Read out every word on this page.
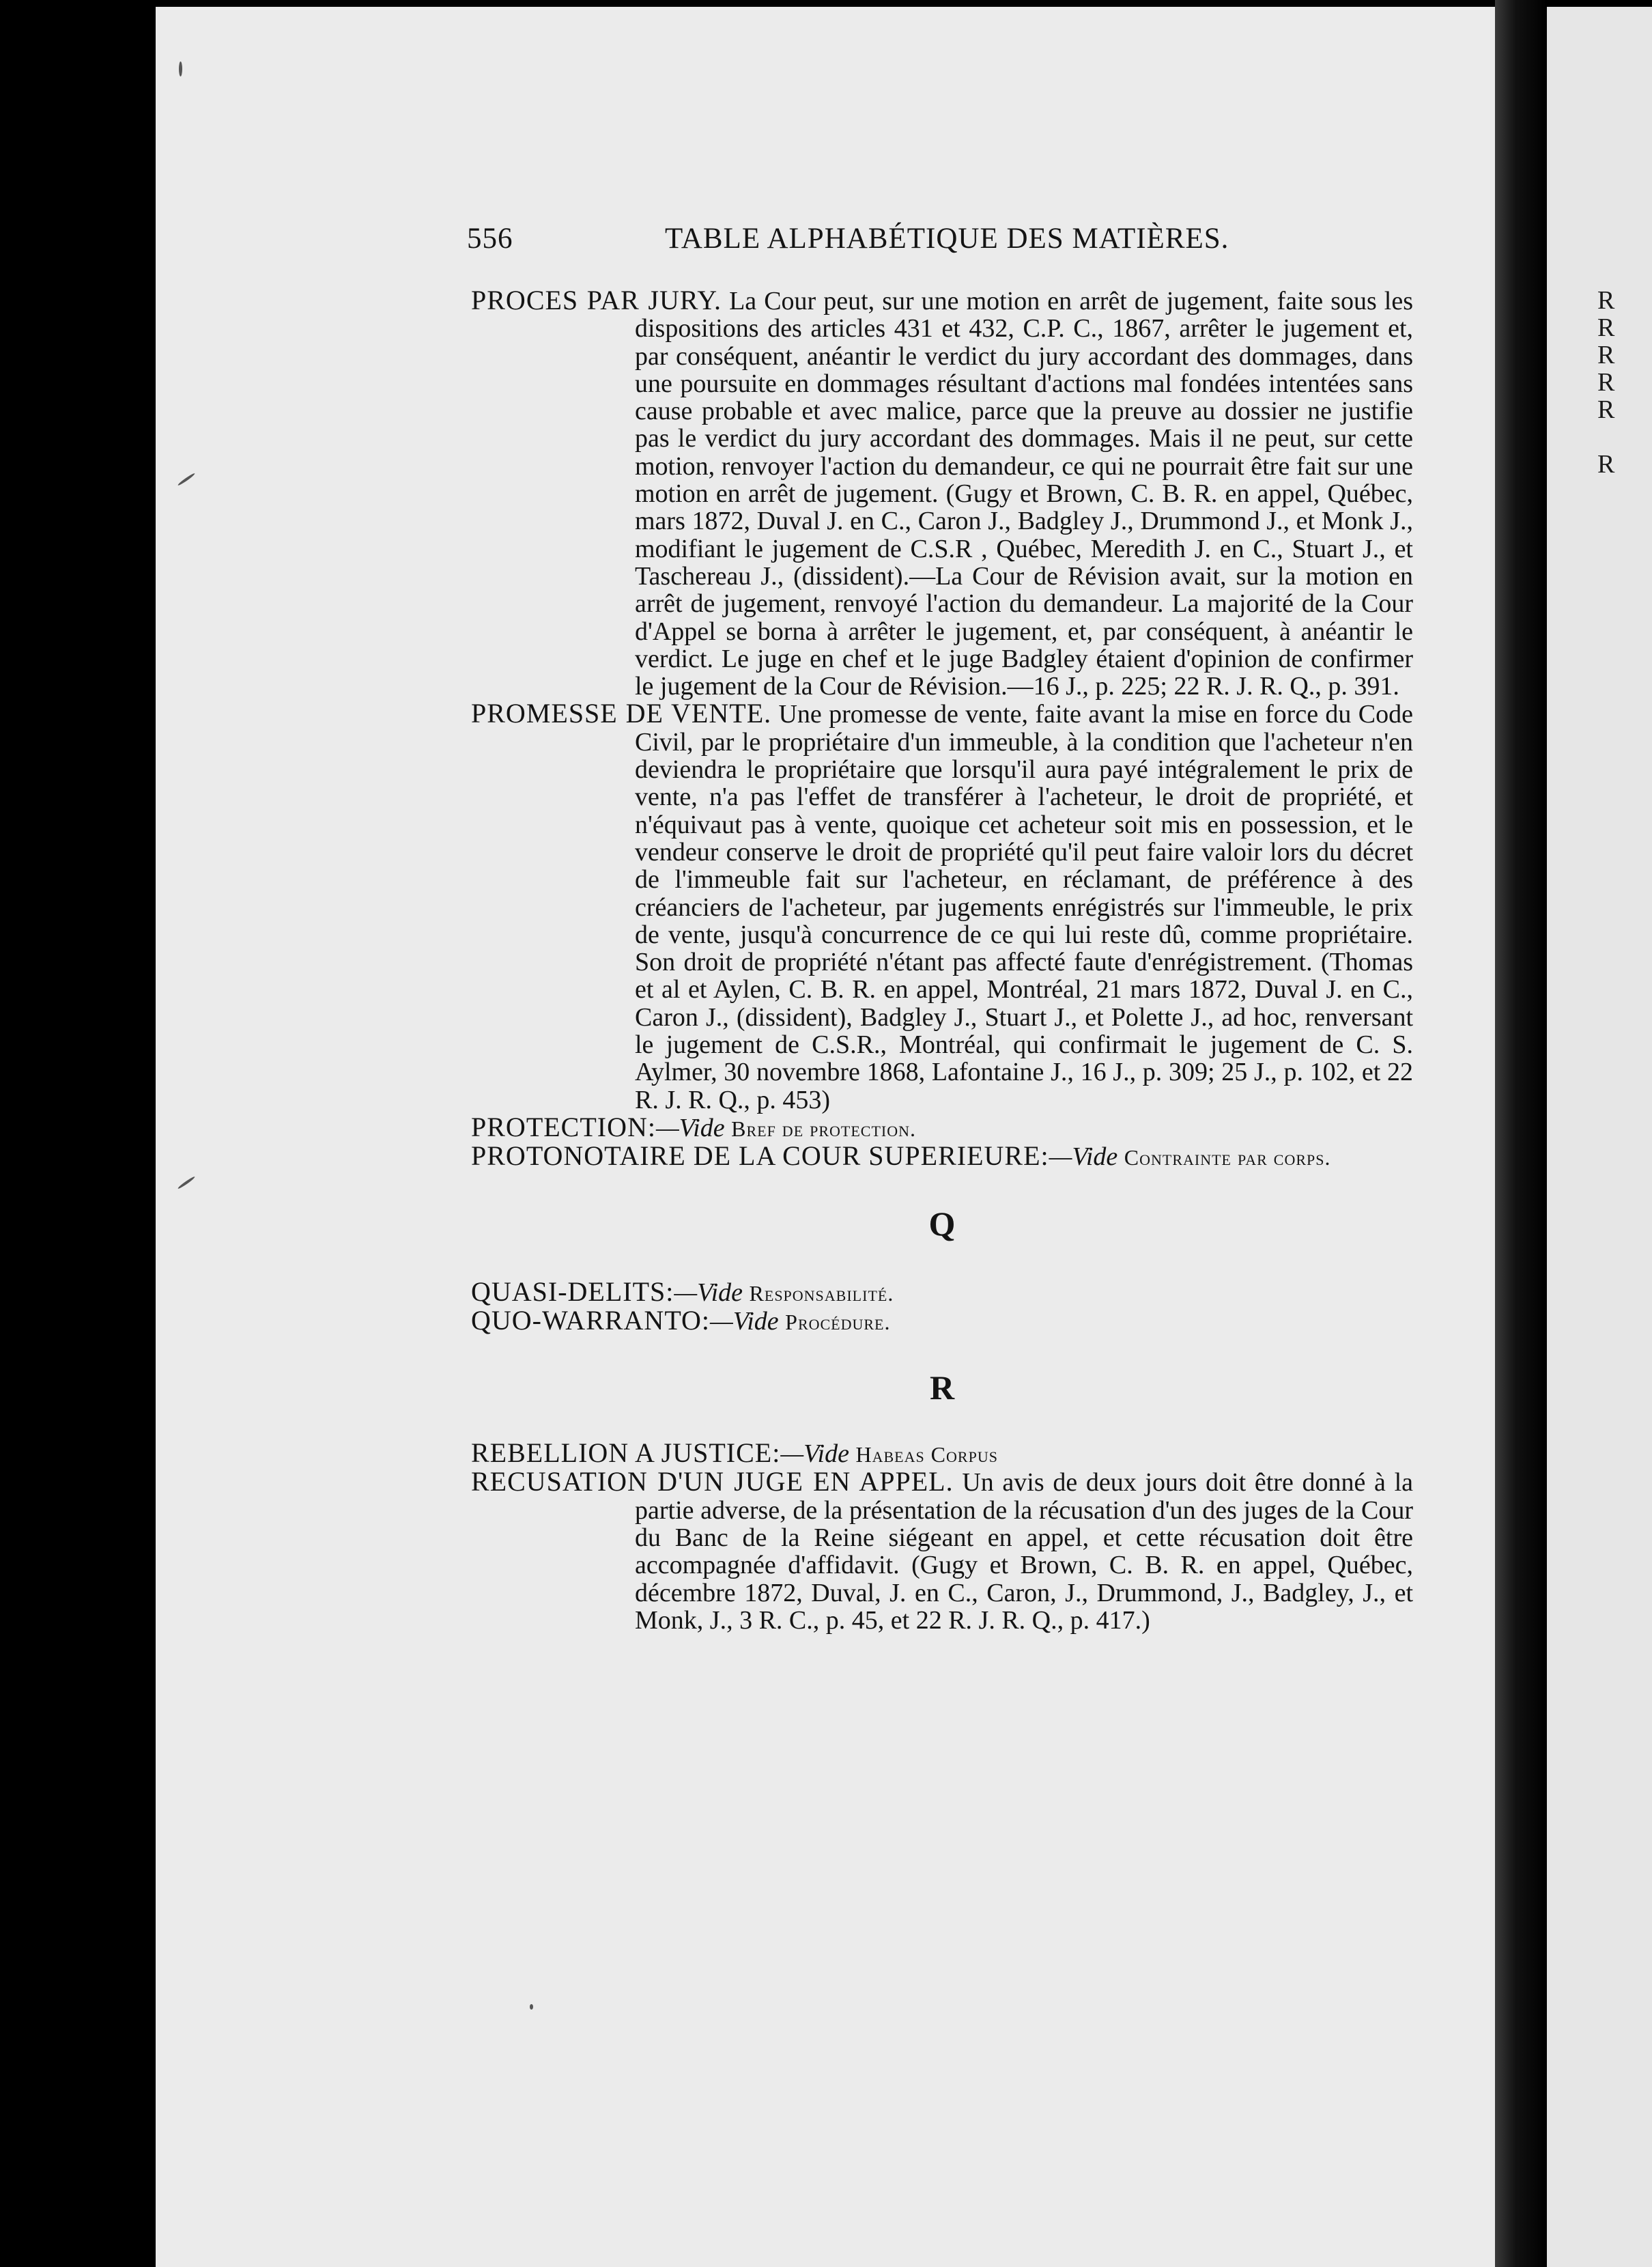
556	TABLE ALPHABÉTIQUE DES MATIÈRES.

PROCES PAR JURY. La Cour peut, sur une motion en arrêt de jugement, faite sous les dispositions des articles 431 et 432, C.P. C., 1867, arrêter le jugement et, par conséquent, anéantir le verdict du jury accordant des dommages, dans une poursuite en dommages résultant d'actions mal fondées intentées sans cause probable et avec malice, parce que la preuve au dossier ne justifie pas le verdict du jury accordant des dommages. Mais il ne peut, sur cette motion, renvoyer l'action du demandeur, ce qui ne pourrait être fait sur une motion en arrêt de jugement. (Gugy et Brown, C. B. R. en appel, Québec, mars 1872, Duval J. en C., Caron J., Badgley J., Drummond J., et Monk J., modifiant le jugement de C.S.R , Québec, Meredith J. en C., Stuart J., et Taschereau J., (dissident).—La Cour de Révision avait, sur la motion en arrêt de jugement, renvoyé l'action du demandeur. La majorité de la Cour d'Appel se borna à arrêter le jugement, et, par conséquent, à anéantir le verdict. Le juge en chef et le juge Badgley étaient d'opinion de confirmer le jugement de la Cour de Révision.—16 J., p. 225; 22 R. J. R. Q., p. 391.

PROMESSE DE VENTE. Une promesse de vente, faite avant la mise en force du Code Civil, par le propriétaire d'un immeuble, à la condition que l'acheteur n'en deviendra le propriétaire que lorsqu'il aura payé intégralement le prix de vente, n'a pas l'effet de transférer à l'acheteur, le droit de propriété, et n'équivaut pas à vente, quoique cet acheteur soit mis en possession, et le vendeur conserve le droit de propriété qu'il peut faire valoir lors du décret de l'immeuble fait sur l'acheteur, en réclamant, de préférence à des créanciers de l'acheteur, par jugements enrégistrés sur l'immeuble, le prix de vente, jusqu'à concurrence de ce qui lui reste dû, comme propriétaire. Son droit de propriété n'étant pas affecté faute d'enrégistrement. (Thomas et al et Aylen, C. B. R. en appel, Montréal, 21 mars 1872, Duval J. en C., Caron J., (dissident), Badgley J., Stuart J., et Polette J., ad hoc, renversant le jugement de C.S.R., Montréal, qui confirmait le jugement de C. S. Aylmer, 30 novembre 1868, Lafontaine J., 16 J., p. 309; 25 J., p. 102, et 22 R. J. R. Q., p. 453)

PROTECTION:—Vide Bref de protection.

PROTONOTAIRE DE LA COUR SUPERIEURE:—Vide Contrainte par corps.

Q

QUASI-DELITS:—Vide Responsabilité.

QUO-WARRANTO:—Vide Procédure.

R

REBELLION A JUSTICE:—Vide Habeas Corpus

RECUSATION D'UN JUGE EN APPEL. Un avis de deux jours doit être donné à la partie adverse, de la présentation de la récusation d'un des juges de la Cour du Banc de la Reine siégeant en appel, et cette récusation doit être accompagnée d'affidavit. (Gugy et Brown, C. B. R. en appel, Québec, décembre 1872, Duval, J. en C., Caron, J., Drummond, J., Badgley, J., et Monk, J., 3 R. C., p. 45, et 22 R. J. R. Q., p. 417.)

R
R
R
R
R
R
